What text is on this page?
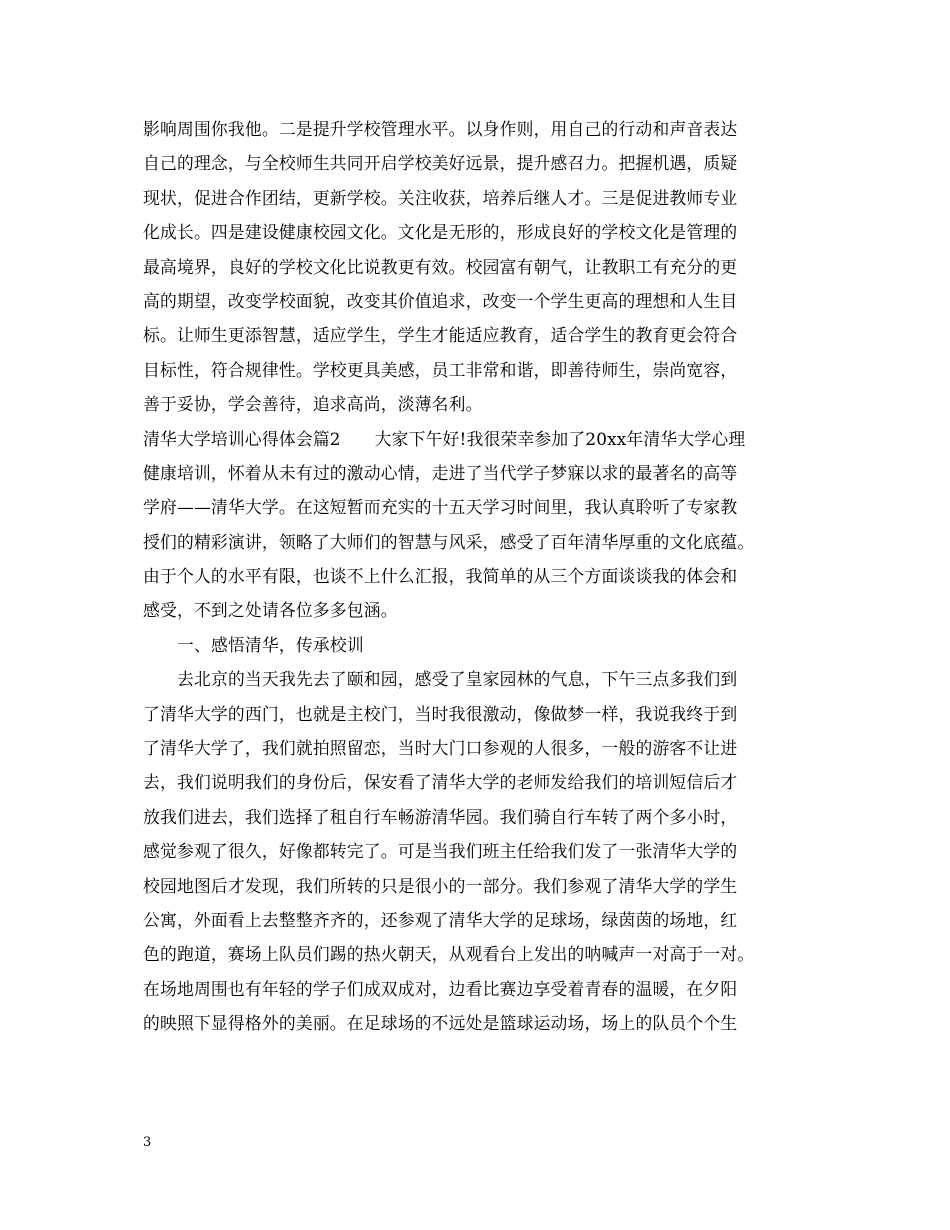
影响周围你我他。二是提升学校管理水平。以身作则，用自己的行动和声音表达
自己的理念，与全校师生共同开启学校美好远景，提升感召力。把握机遇，质疑
现状，促进合作团结，更新学校。关注收获，培养后继人才。三是促进教师专业
化成长。四是建设健康校园文化。文化是无形的，形成良好的学校文化是管理的
最高境界，良好的学校文化比说教更有效。校园富有朝气，让教职工有充分的更
高的期望，改变学校面貌，改变其价值追求，改变一个学生更高的理想和人生目
标。让师生更添智慧，适应学生，学生才能适应教育，适合学生的教育更会符合
目标性，符合规律性。学校更具美感，员工非常和谐，即善待师生，崇尚宽容，
善于妥协，学会善待，追求高尚，淡薄名利。
清华大学培训心得体会篇2　　大家下午好!我很荣幸参加了20xx年清华大学心理
健康培训，怀着从未有过的激动心情，走进了当代学子梦寐以求的最著名的高等
学府——清华大学。在这短暂而充实的十五天学习时间里，我认真聆听了专家教
授们的精彩演讲，领略了大师们的智慧与风采，感受了百年清华厚重的文化底蕴。
由于个人的水平有限，也谈不上什么汇报，我简单的从三个方面谈谈我的体会和
感受，不到之处请各位多多包涵。
一、感悟清华，传承校训
去北京的当天我先去了颐和园，感受了皇家园林的气息，下午三点多我们到
了清华大学的西门，也就是主校门，当时我很激动，像做梦一样，我说我终于到
了清华大学了，我们就拍照留恋，当时大门口参观的人很多，一般的游客不让进
去，我们说明我们的身份后，保安看了清华大学的老师发给我们的培训短信后才
放我们进去，我们选择了租自行车畅游清华园。我们骑自行车转了两个多小时，
感觉参观了很久，好像都转完了。可是当我们班主任给我们发了一张清华大学的
校园地图后才发现，我们所转的只是很小的一部分。我们参观了清华大学的学生
公寓，外面看上去整整齐齐的，还参观了清华大学的足球场，绿茵茵的场地，红
色的跑道，赛场上队员们踢的热火朝天，从观看台上发出的呐喊声一对高于一对。
在场地周围也有年轻的学子们成双成对，边看比赛边享受着青春的温暖，在夕阳
的映照下显得格外的美丽。在足球场的不远处是篮球运动场，场上的队员个个生
3
